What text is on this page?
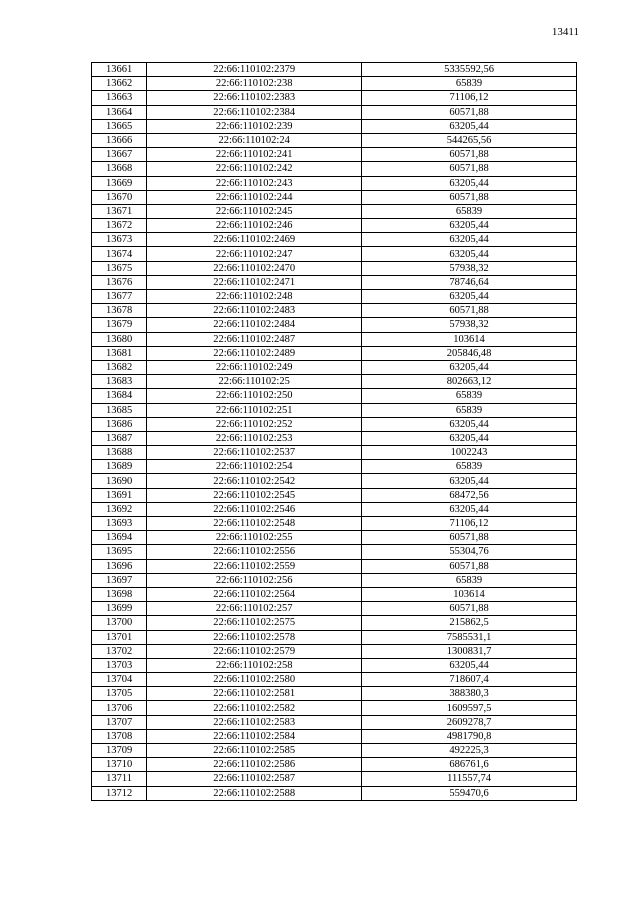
13411
13661	22:66:110102:2379	5335592,56
13662	22:66:110102:238	65839
13663	22:66:110102:2383	71106,12
13664	22:66:110102:2384	60571,88
13665	22:66:110102:239	63205,44
13666	22:66:110102:24	544265,56
13667	22:66:110102:241	60571,88
13668	22:66:110102:242	60571,88
13669	22:66:110102:243	63205,44
13670	22:66:110102:244	60571,88
13671	22:66:110102:245	65839
13672	22:66:110102:246	63205,44
13673	22:66:110102:2469	63205,44
13674	22:66:110102:247	63205,44
13675	22:66:110102:2470	57938,32
13676	22:66:110102:2471	78746,64
13677	22:66:110102:248	63205,44
13678	22:66:110102:2483	60571,88
13679	22:66:110102:2484	57938,32
13680	22:66:110102:2487	103614
13681	22:66:110102:2489	205846,48
13682	22:66:110102:249	63205,44
13683	22:66:110102:25	802663,12
13684	22:66:110102:250	65839
13685	22:66:110102:251	65839
13686	22:66:110102:252	63205,44
13687	22:66:110102:253	63205,44
13688	22:66:110102:2537	1002243
13689	22:66:110102:254	65839
13690	22:66:110102:2542	63205,44
13691	22:66:110102:2545	68472,56
13692	22:66:110102:2546	63205,44
13693	22:66:110102:2548	71106,12
13694	22:66:110102:255	60571,88
13695	22:66:110102:2556	55304,76
13696	22:66:110102:2559	60571,88
13697	22:66:110102:256	65839
13698	22:66:110102:2564	103614
13699	22:66:110102:257	60571,88
13700	22:66:110102:2575	215862,5
13701	22:66:110102:2578	7585531,1
13702	22:66:110102:2579	1300831,7
13703	22:66:110102:258	63205,44
13704	22:66:110102:2580	718607,4
13705	22:66:110102:2581	388380,3
13706	22:66:110102:2582	1609597,5
13707	22:66:110102:2583	2609278,7
13708	22:66:110102:2584	4981790,8
13709	22:66:110102:2585	492225,3
13710	22:66:110102:2586	686761,6
13711	22:66:110102:2587	111557,74
13712	22:66:110102:2588	559470,6
